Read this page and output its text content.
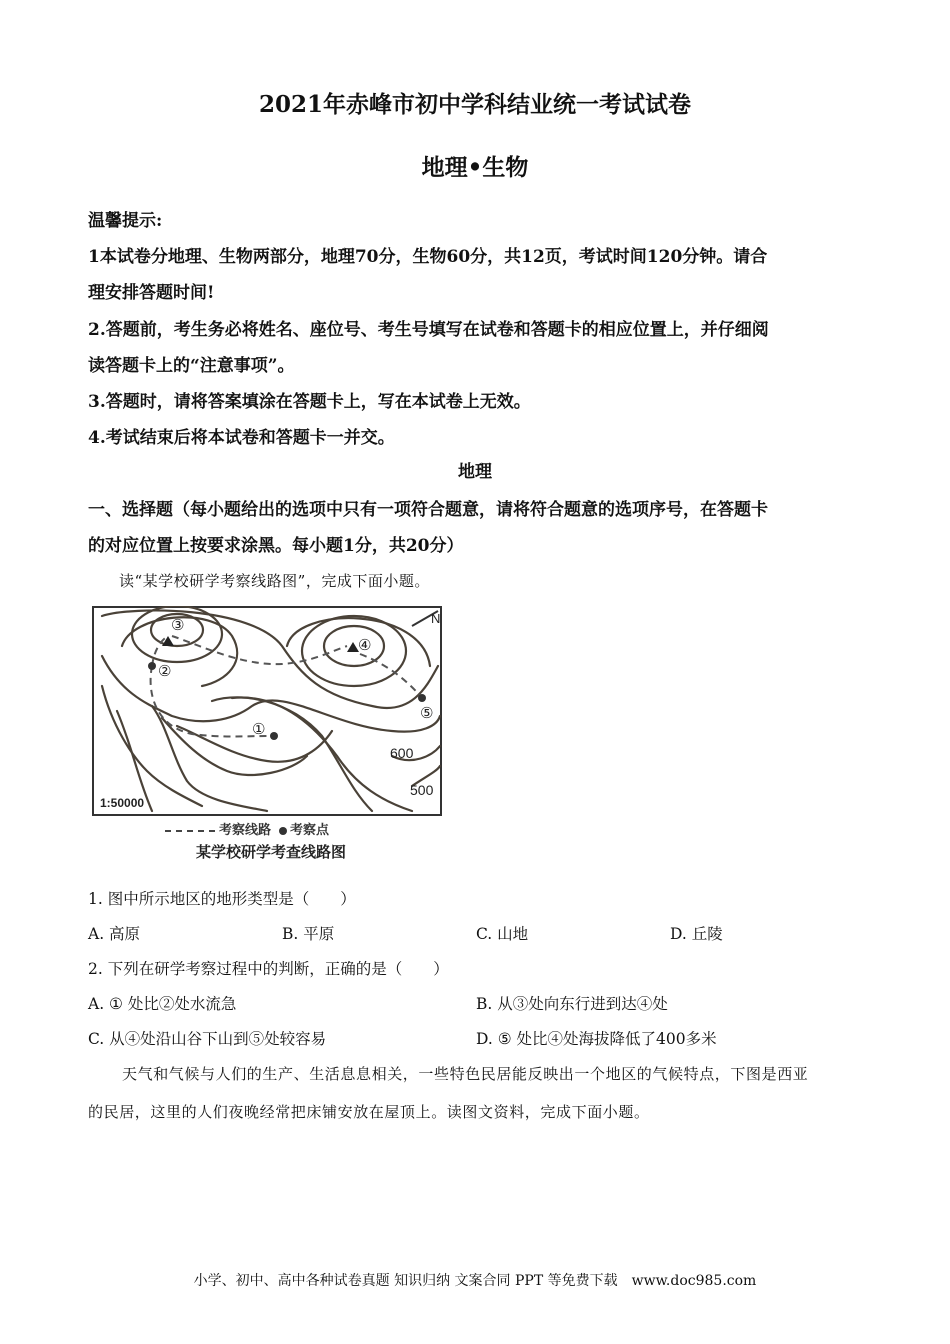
2021年赤峰市初中学科结业统一考试试卷
地理•生物
温馨提示:
1本试卷分地理、生物两部分，地理70分，生物60分，共12页，考试时间120分钟。请合
理安排答题时间!
2.答题前，考生务必将姓名、座位号、考生号填写在试卷和答题卡的相应位置上，并仔细阅
读答题卡上的“注意事项”。
3.答题时，请将答案填涂在答题卡上，写在本试卷上无效。
4.考试结束后将本试卷和答题卡一并交。
地理
一、选择题（每小题给出的选项中只有一项符合题意，请将符合题意的选项序号，在答题卡
的对应位置上按要求涂黑。每小题1分，共20分）
读“某学校研学考察线路图”，完成下面小题。
N
③
②
④
⑤
①
600
500
1:50000
考察线路 考察点
某学校研学考查线路图
1. 图中所示地区的地形类型是（　　）
A. 高原	B. 平原	C. 山地	D. 丘陵
2. 下列在研学考察过程中的判断，正确的是（　　）
A. ① 处比②处水流急	B. 从③处向东行进到达④处
C. 从④处沿山谷下山到⑤处较容易	D. ⑤ 处比④处海拔降低了400多米
天气和气候与人们的生产、生活息息相关，一些特色民居能反映出一个地区的气候特点，下图是西亚
的民居，这里的人们夜晚经常把床铺安放在屋顶上。读图文资料，完成下面小题。
小学、初中、高中各种试卷真题 知识归纳 文案合同 PPT 等免费下载　www.doc985.com
